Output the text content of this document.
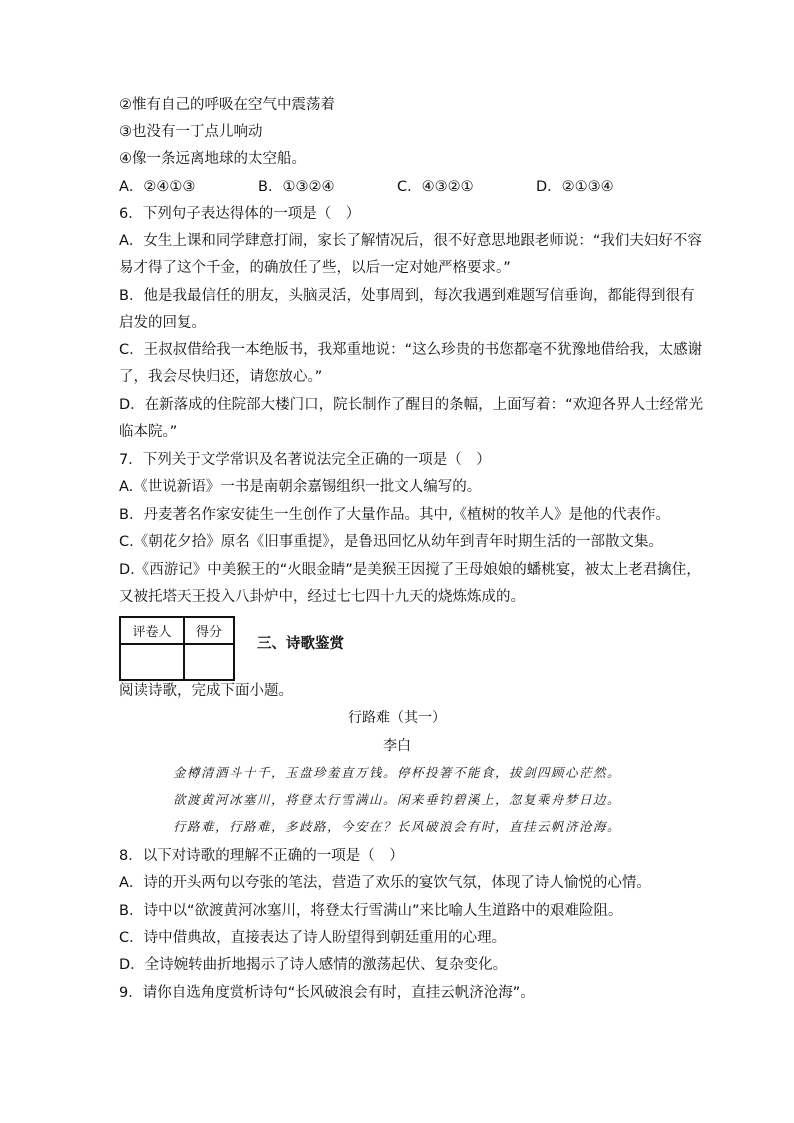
②惟有自己的呼吸在空气中震荡着
③也没有一丁点儿响动
④像一条远离地球的太空船。
A．②④①③	B．①③②④	C．④③②①	D．②①③④
6．下列句子表达得体的一项是（　）
A．女生上课和同学肆意打闹，家长了解情况后，很不好意思地跟老师说：“我们夫妇好不容
易才得了这个千金，的确放任了些，以后一定对她严格要求。”
B．他是我最信任的朋友，头脑灵活，处事周到，每次我遇到难题写信垂询，都能得到很有
启发的回复。
C．王叔叔借给我一本绝版书，我郑重地说：“这么珍贵的书您都毫不犹豫地借给我，太感谢
了，我会尽快归还，请您放心。”
D．在新落成的住院部大楼门口，院长制作了醒目的条幅，上面写着：“欢迎各界人士经常光
临本院。”
7．下列关于文学常识及名著说法完全正确的一项是（　）
A.《世说新语》一书是南朝余嘉锡组织一批文人编写的。
B．丹麦著名作家安徒生一生创作了大量作品。其中,《植树的牧羊人》是他的代表作。
C.《朝花夕拾》原名《旧事重提》，是鲁迅回忆从幼年到青年时期生活的一部散文集。
D.《西游记》中美猴王的“火眼金睛”是美猴王因搅了王母娘娘的蟠桃宴，被太上老君擒住，
又被托塔天王投入八卦炉中，经过七七四十九天的烧炼炼成的。
评卷人	得分

三、诗歌鉴赏
阅读诗歌，完成下面小题。
行路难（其一）
李白
金樽清酒斗十千，玉盘珍羞直万钱。停杯投箸不能食，拔剑四顾心茫然。
欲渡黄河冰塞川，将登太行雪满山。闲来垂钓碧溪上，忽复乘舟梦日边。
行路难，行路难，多歧路，今安在？长风破浪会有时，直挂云帆济沧海。
8．以下对诗歌的理解不正确的一项是（　）
A．诗的开头两句以夸张的笔法，营造了欢乐的宴饮气氛，体现了诗人愉悦的心情。
B．诗中以“欲渡黄河冰塞川，将登太行雪满山”来比喻人生道路中的艰难险阻。
C．诗中借典故，直接表达了诗人盼望得到朝廷重用的心理。
D．全诗婉转曲折地揭示了诗人感情的激荡起伏、复杂变化。
9．请你自选角度赏析诗句“长风破浪会有时，直挂云帆济沧海”。
